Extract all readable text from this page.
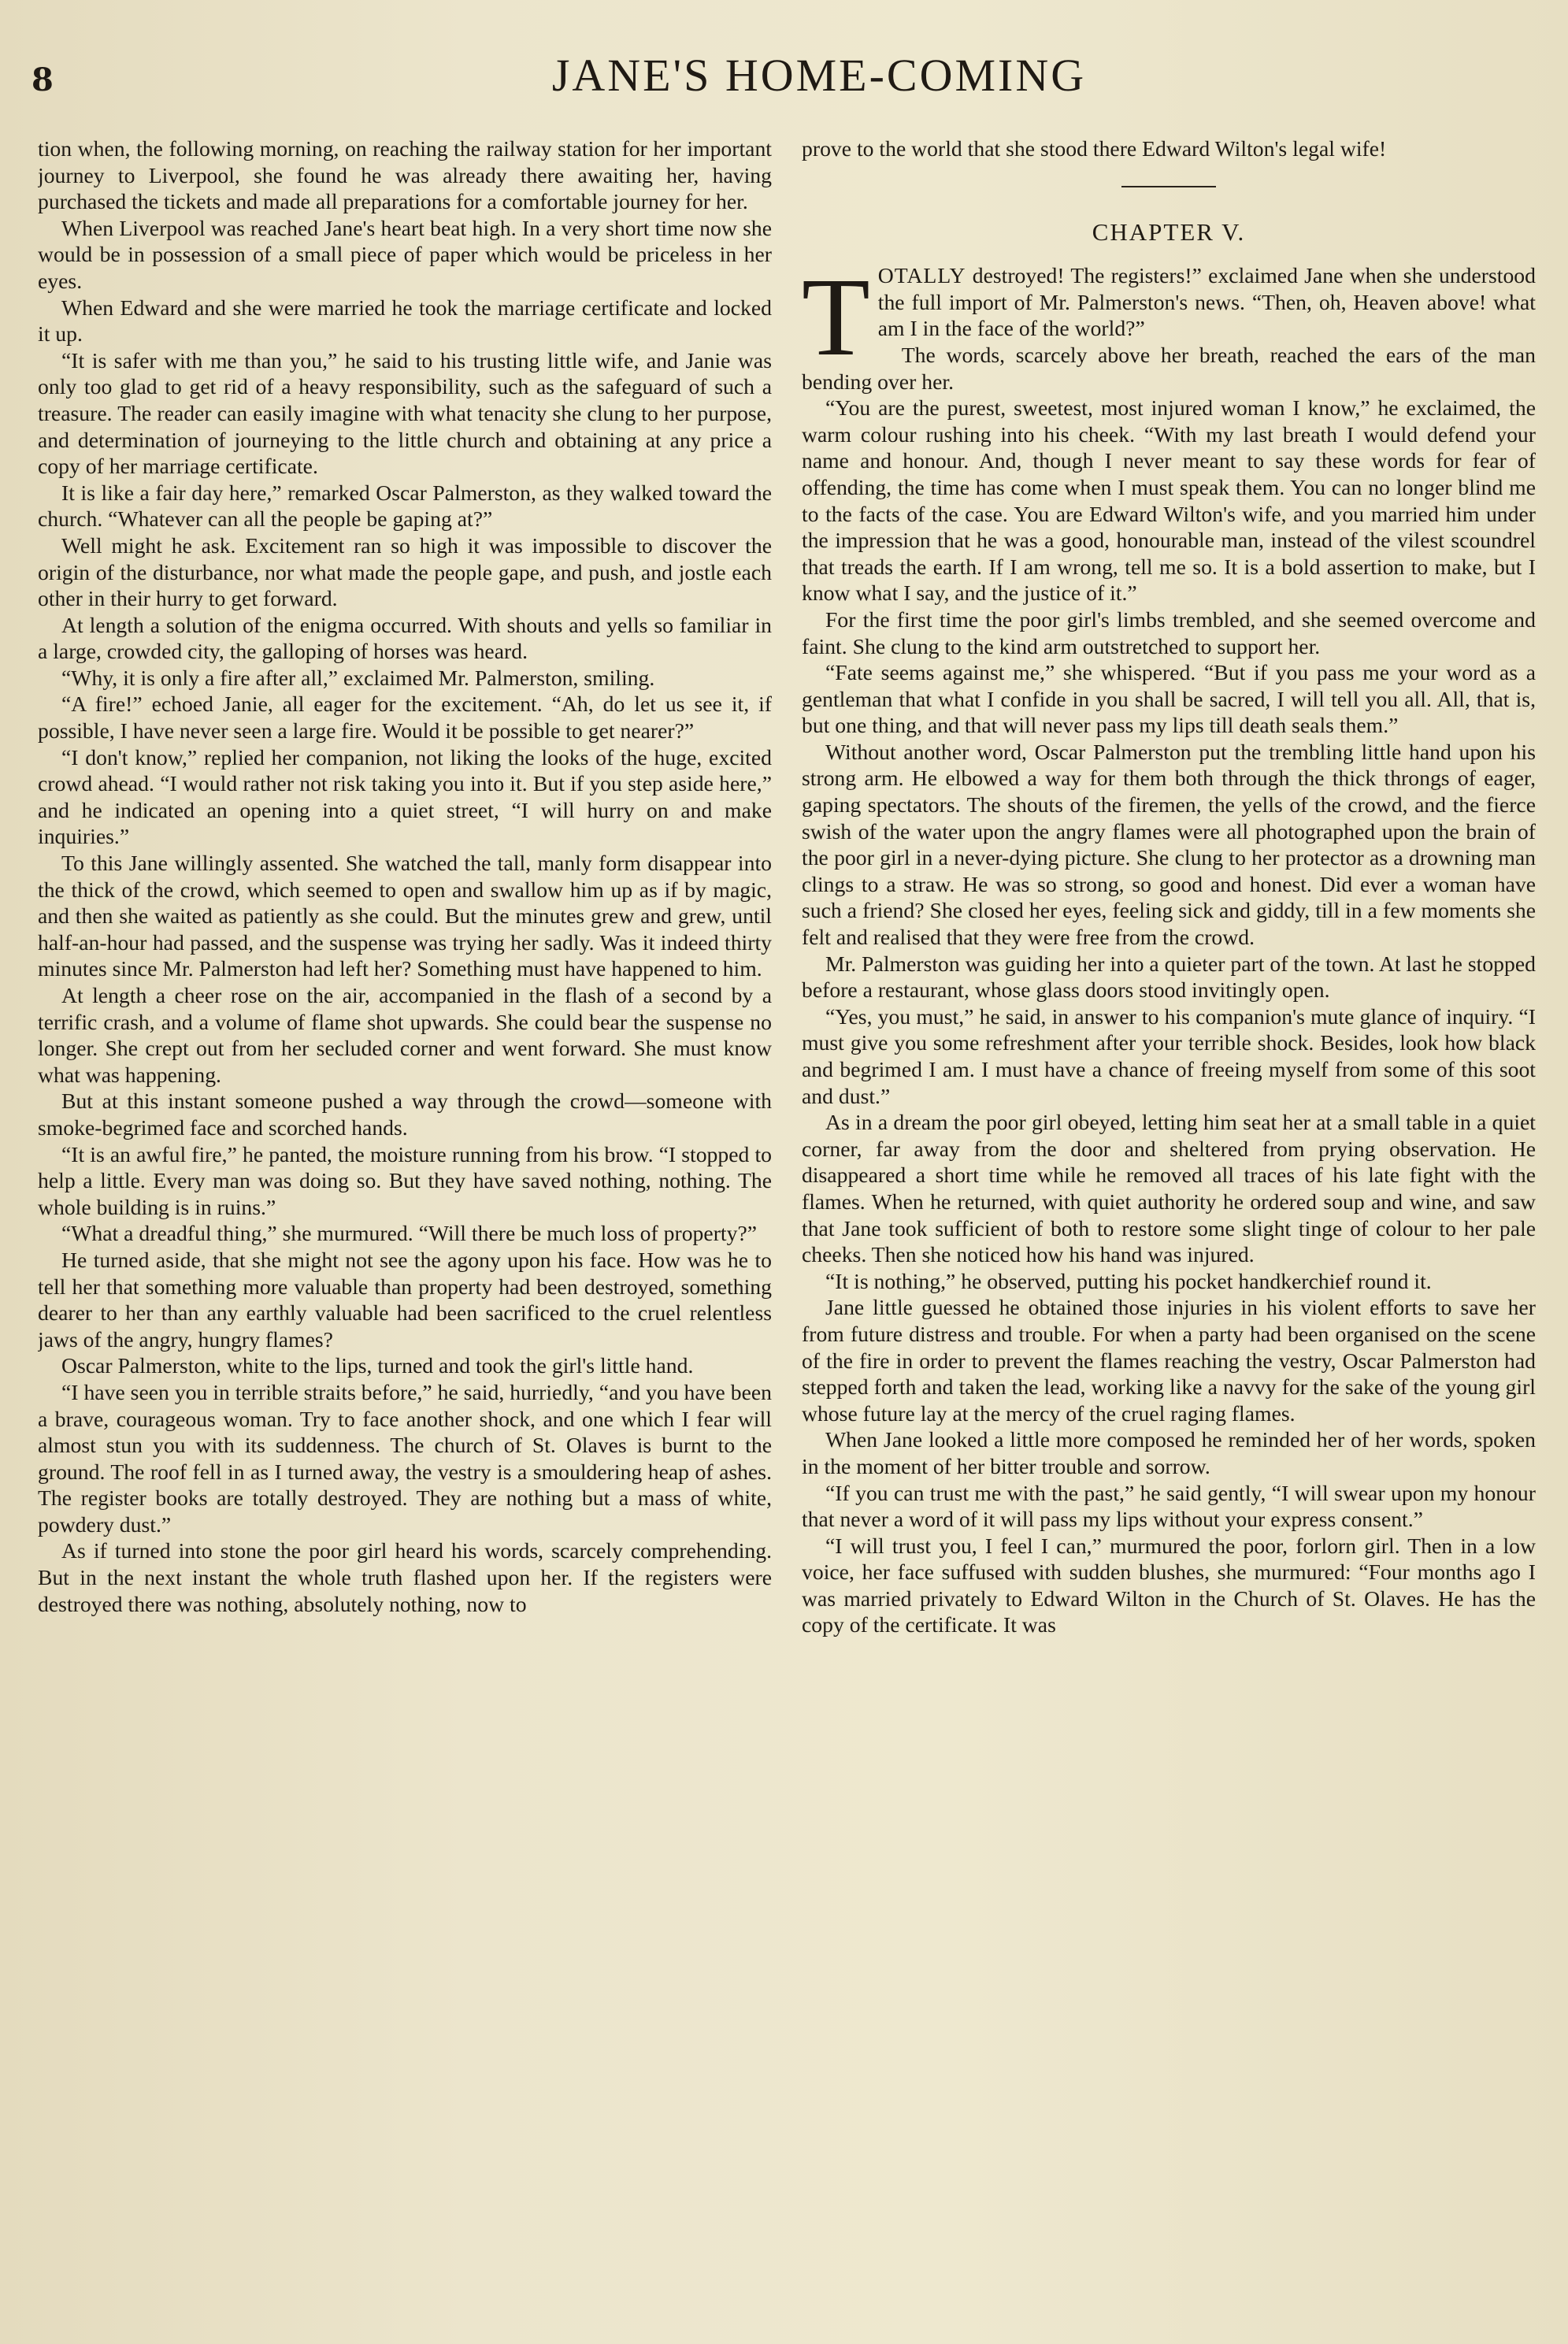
8	JANE'S HOME-COMING

tion when, the following morning, on reaching the railway station for her important journey to Liverpool, she found he was already there awaiting her, having purchased the tickets and made all preparations for a comfortable journey for her.

When Liverpool was reached Jane's heart beat high. In a very short time now she would be in possession of a small piece of paper which would be priceless in her eyes.

When Edward and she were married he took the marriage certificate and locked it up.

“It is safer with me than you,” he said to his trusting little wife, and Janie was only too glad to get rid of a heavy responsibility, such as the safeguard of such a treasure. The reader can easily imagine with what tenacity she clung to her purpose, and determination of journeying to the little church and obtaining at any price a copy of her marriage certificate.

It is like a fair day here,” remarked Oscar Palmerston, as they walked toward the church. “Whatever can all the people be gaping at?”

Well might he ask. Excitement ran so high it was impossible to discover the origin of the disturbance, nor what made the people gape, and push, and jostle each other in their hurry to get forward.

At length a solution of the enigma occurred. With shouts and yells so familiar in a large, crowded city, the galloping of horses was heard.

“Why, it is only a fire after all,” exclaimed Mr. Palmerston, smiling.

“A fire!” echoed Janie, all eager for the excitement. “Ah, do let us see it, if possible, I have never seen a large fire. Would it be possible to get nearer?”

“I don't know,” replied her companion, not liking the looks of the huge, excited crowd ahead. “I would rather not risk taking you into it. But if you step aside here,” and he indicated an opening into a quiet street, “I will hurry on and make inquiries.”

To this Jane willingly assented. She watched the tall, manly form disappear into the thick of the crowd, which seemed to open and swallow him up as if by magic, and then she waited as patiently as she could. But the minutes grew and grew, until half-an-hour had passed, and the suspense was trying her sadly. Was it indeed thirty minutes since Mr. Palmerston had left her? Something must have happened to him.

At length a cheer rose on the air, accompanied in the flash of a second by a terrific crash, and a volume of flame shot upwards. She could bear the suspense no longer. She crept out from her secluded corner and went forward. She must know what was happening.

But at this instant someone pushed a way through the crowd—someone with smoke-begrimed face and scorched hands.

“It is an awful fire,” he panted, the moisture running from his brow. “I stopped to help a little. Every man was doing so. But they have saved nothing, nothing. The whole building is in ruins.”

“What a dreadful thing,” she murmured. “Will there be much loss of property?”

He turned aside, that she might not see the agony upon his face. How was he to tell her that something more valuable than property had been destroyed, something dearer to her than any earthly valuable had been sacrificed to the cruel relentless jaws of the angry, hungry flames?

Oscar Palmerston, white to the lips, turned and took the girl's little hand.

“I have seen you in terrible straits before,” he said, hurriedly, “and you have been a brave, courageous woman. Try to face another shock, and one which I fear will almost stun you with its suddenness. The church of St. Olaves is burnt to the ground. The roof fell in as I turned away, the vestry is a smouldering heap of ashes. The register books are totally destroyed. They are nothing but a mass of white, powdery dust.”

As if turned into stone the poor girl heard his words, scarcely comprehending. But in the next instant the whole truth flashed upon her. If the registers were destroyed there was nothing, absolutely nothing, now to

prove to the world that she stood there Edward Wilton's legal wife!

CHAPTER V.

TOTALLY destroyed! The registers!” exclaimed Jane when she understood the full import of Mr. Palmerston's news. “Then, oh, Heaven above! what am I in the face of the world?”

The words, scarcely above her breath, reached the ears of the man bending over her.

“You are the purest, sweetest, most injured woman I know,” he exclaimed, the warm colour rushing into his cheek. “With my last breath I would defend your name and honour. And, though I never meant to say these words for fear of offending, the time has come when I must speak them. You can no longer blind me to the facts of the case. You are Edward Wilton's wife, and you married him under the impression that he was a good, honourable man, instead of the vilest scoundrel that treads the earth. If I am wrong, tell me so. It is a bold assertion to make, but I know what I say, and the justice of it.”

For the first time the poor girl's limbs trembled, and she seemed overcome and faint. She clung to the kind arm outstretched to support her.

“Fate seems against me,” she whispered. “But if you pass me your word as a gentleman that what I confide in you shall be sacred, I will tell you all. All, that is, but one thing, and that will never pass my lips till death seals them.”

Without another word, Oscar Palmerston put the trembling little hand upon his strong arm. He elbowed a way for them both through the thick throngs of eager, gaping spectators. The shouts of the firemen, the yells of the crowd, and the fierce swish of the water upon the angry flames were all photographed upon the brain of the poor girl in a never-dying picture. She clung to her protector as a drowning man clings to a straw. He was so strong, so good and honest. Did ever a woman have such a friend? She closed her eyes, feeling sick and giddy, till in a few moments she felt and realised that they were free from the crowd.

Mr. Palmerston was guiding her into a quieter part of the town. At last he stopped before a restaurant, whose glass doors stood invitingly open.

“Yes, you must,” he said, in answer to his companion's mute glance of inquiry. “I must give you some refreshment after your terrible shock. Besides, look how black and begrimed I am. I must have a chance of freeing myself from some of this soot and dust.”

As in a dream the poor girl obeyed, letting him seat her at a small table in a quiet corner, far away from the door and sheltered from prying observation. He disappeared a short time while he removed all traces of his late fight with the flames. When he returned, with quiet authority he ordered soup and wine, and saw that Jane took sufficient of both to restore some slight tinge of colour to her pale cheeks. Then she noticed how his hand was injured.

“It is nothing,” he observed, putting his pocket handkerchief round it.

Jane little guessed he obtained those injuries in his violent efforts to save her from future distress and trouble. For when a party had been organised on the scene of the fire in order to prevent the flames reaching the vestry, Oscar Palmerston had stepped forth and taken the lead, working like a navvy for the sake of the young girl whose future lay at the mercy of the cruel raging flames.

When Jane looked a little more composed he reminded her of her words, spoken in the moment of her bitter trouble and sorrow.

“If you can trust me with the past,” he said gently, “I will swear upon my honour that never a word of it will pass my lips without your express consent.”

“I will trust you, I feel I can,” murmured the poor, forlorn girl. Then in a low voice, her face suffused with sudden blushes, she murmured: “Four months ago I was married privately to Edward Wilton in the Church of St. Olaves. He has the copy of the certificate. It was
